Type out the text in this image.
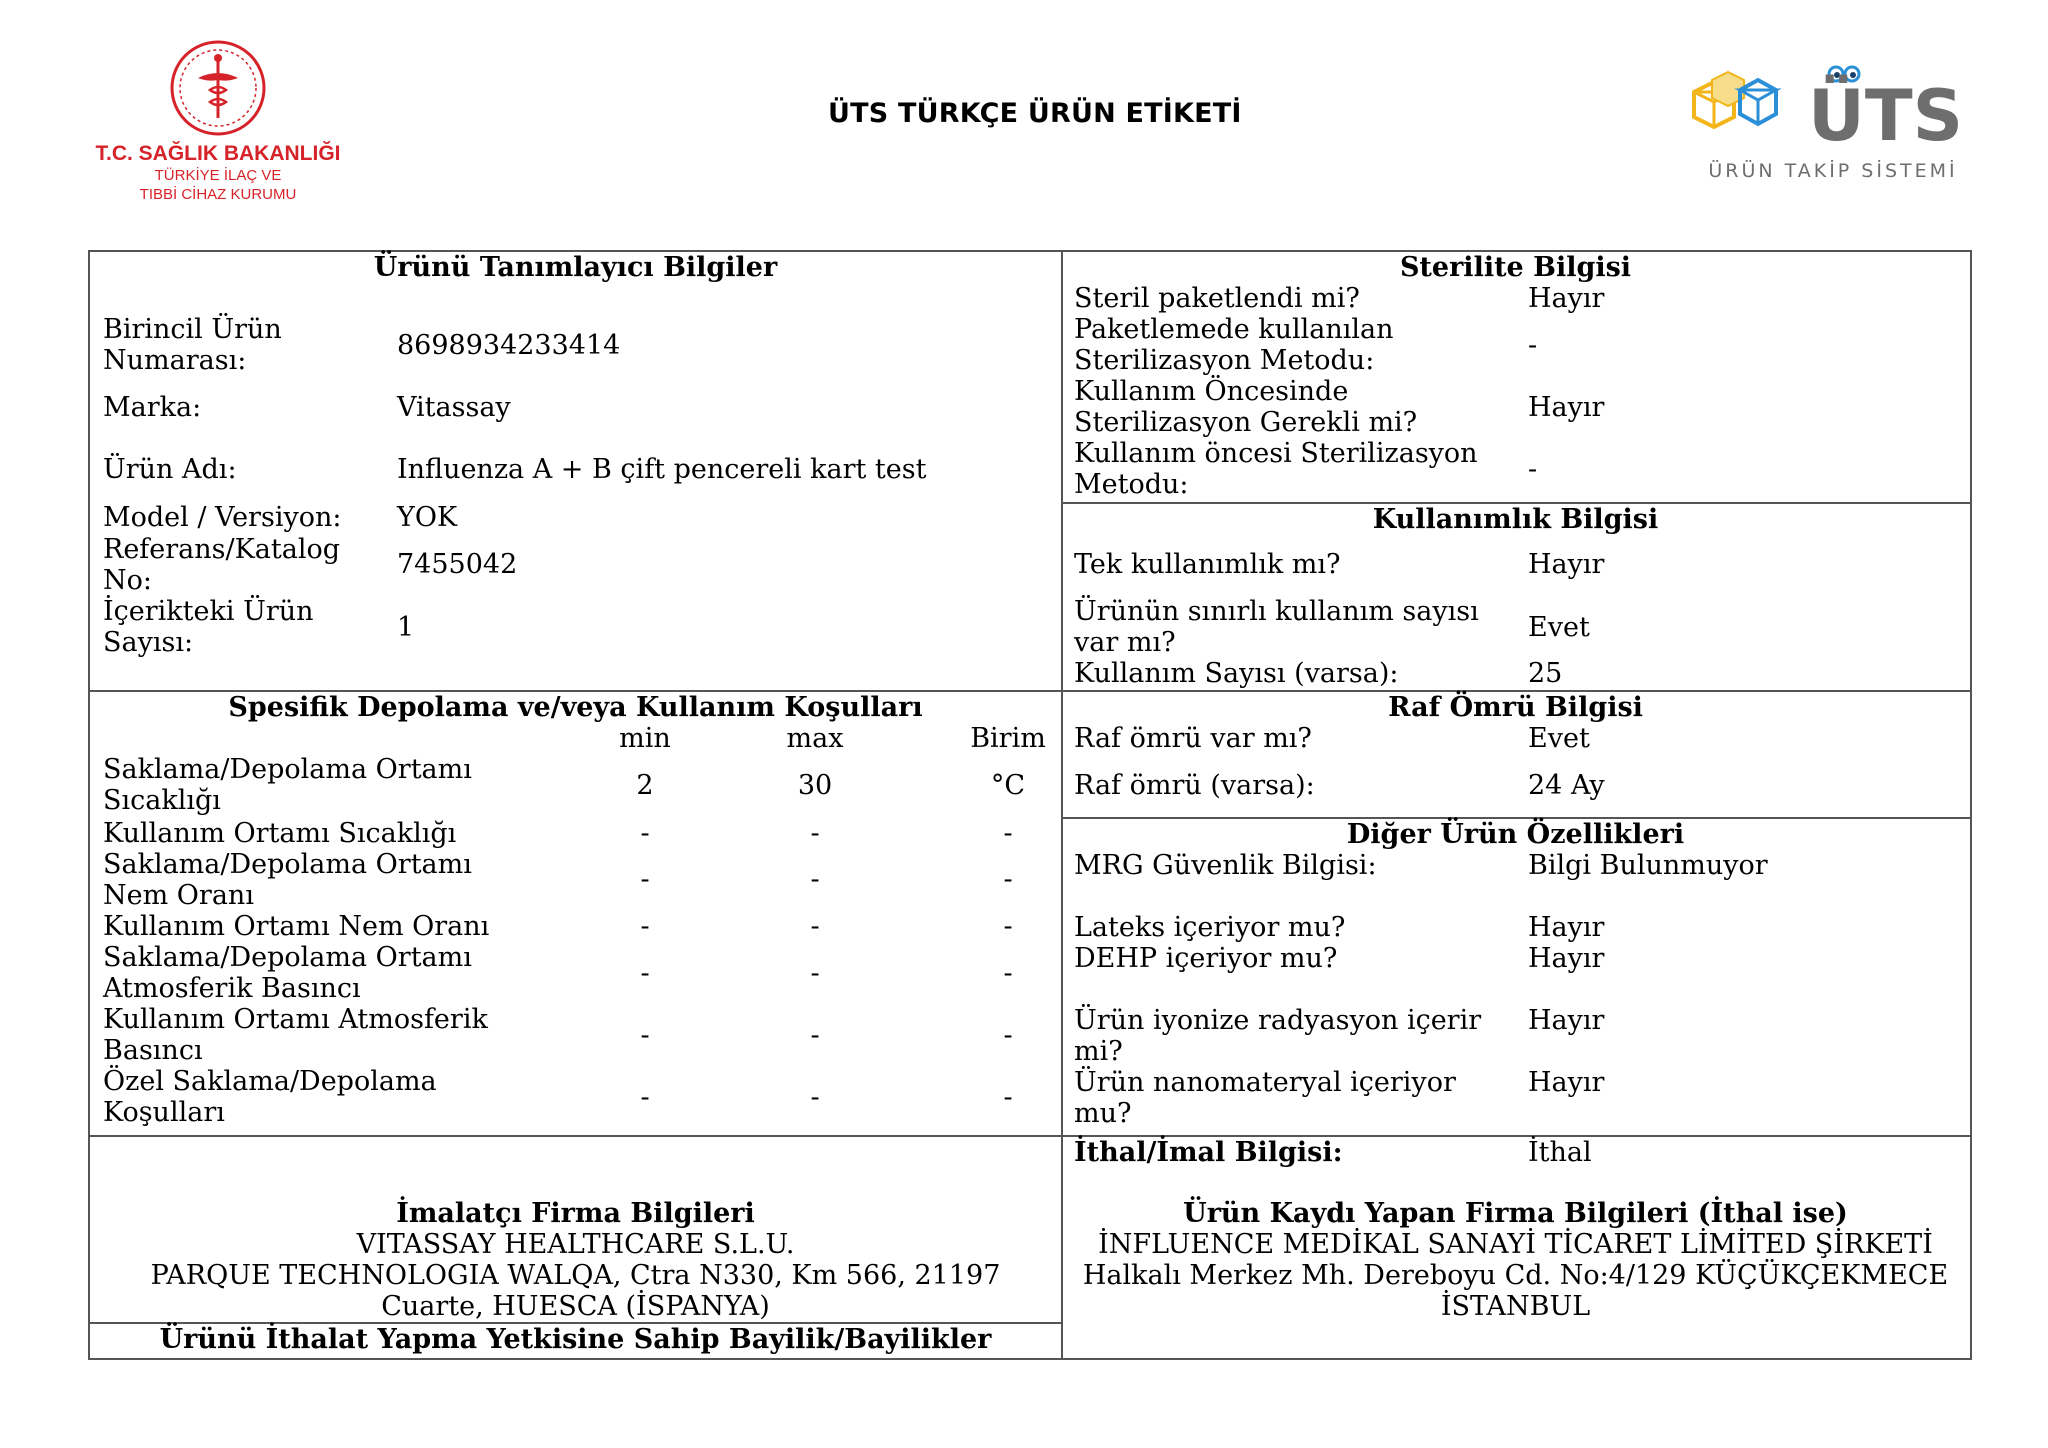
T.C. SAĞLIK BAKANLIĞI
TÜRKİYE İLAÇ VE
TIBBİ CİHAZ KURUMU
ÜTS TÜRKÇE ÜRÜN ETİKETİ	ÜTS
ÜRÜN TAKİP SİSTEMİ
Ürünü Tanımlayıcı Bilgiler
Birincil Ürün
Numarası:	8698934233414
Marka:	Vitassay
Ürün Adı:	Influenza A + B çift pencereli kart test
Model / Versiyon: YOK
Referans/Katalog
No:
7455042
İçerikteki Ürün
Sayısı:	1
Sterilite Bilgisi
Steril paketlendi mi?	Hayır
Paketlemede kullanılan
Sterilizasyon Metodu:	-
Kullanım Öncesinde
Sterilizasyon Gerekli mi?	Hayır
Kullanım öncesi Sterilizasyon
Metodu:	-
Kullanımlık Bilgisi
Tek kullanımlık mı?	Hayır
Ürünün sınırlı kullanım sayısı
var mı?	Evet
Kullanım Sayısı (varsa):	25
Spesifik Depolama ve/veya Kullanım Koşulları
min	max	Birim
Saklama/Depolama Ortamı
Sıcaklığı	2	30	°C
Kullanım Ortamı Sıcaklığı	-	-	-
Saklama/Depolama Ortamı
Nem Oranı
-	-	-
Kullanım Ortamı Nem Oranı	-	-	-
Saklama/Depolama Ortamı
Atmosferik Basıncı	-	-	-
Kullanım Ortamı Atmosferik
Basıncı	-	-	-
Özel Saklama/Depolama
Koşulları	-	-	-
Raf Ömrü Bilgisi
Raf ömrü var mı?	Evet
Raf ömrü (varsa):	24 Ay
Diğer Ürün Özellikleri
MRG Güvenlik Bilgisi:	Bilgi Bulunmuyor
Lateks içeriyor mu?	Hayır
DEHP içeriyor mu?	Hayır
Ürün iyonize radyasyon içerir
mi?
Hayır
Ürün nanomateryal içeriyor
mu?
Hayır
İmalatçı Firma Bilgileri
VITASSAY HEALTHCARE S.L.U.
PARQUE TECHNOLOGIA WALQA, Ctra N330, Km 566, 21197
Cuarte, HUESCA (İSPANYA)
Ürünü İthalat Yapma Yetkisine Sahip Bayilik/Bayilikler
İthal/İmal Bilgisi:	İthal
Ürün Kaydı Yapan Firma Bilgileri (İthal ise)
İNFLUENCE MEDİKAL SANAYİ TİCARET LİMİTED ŞİRKETİ
Halkalı Merkez Mh. Dereboyu Cd. No:4/129 KÜÇÜKÇEKMECE
İSTANBUL
